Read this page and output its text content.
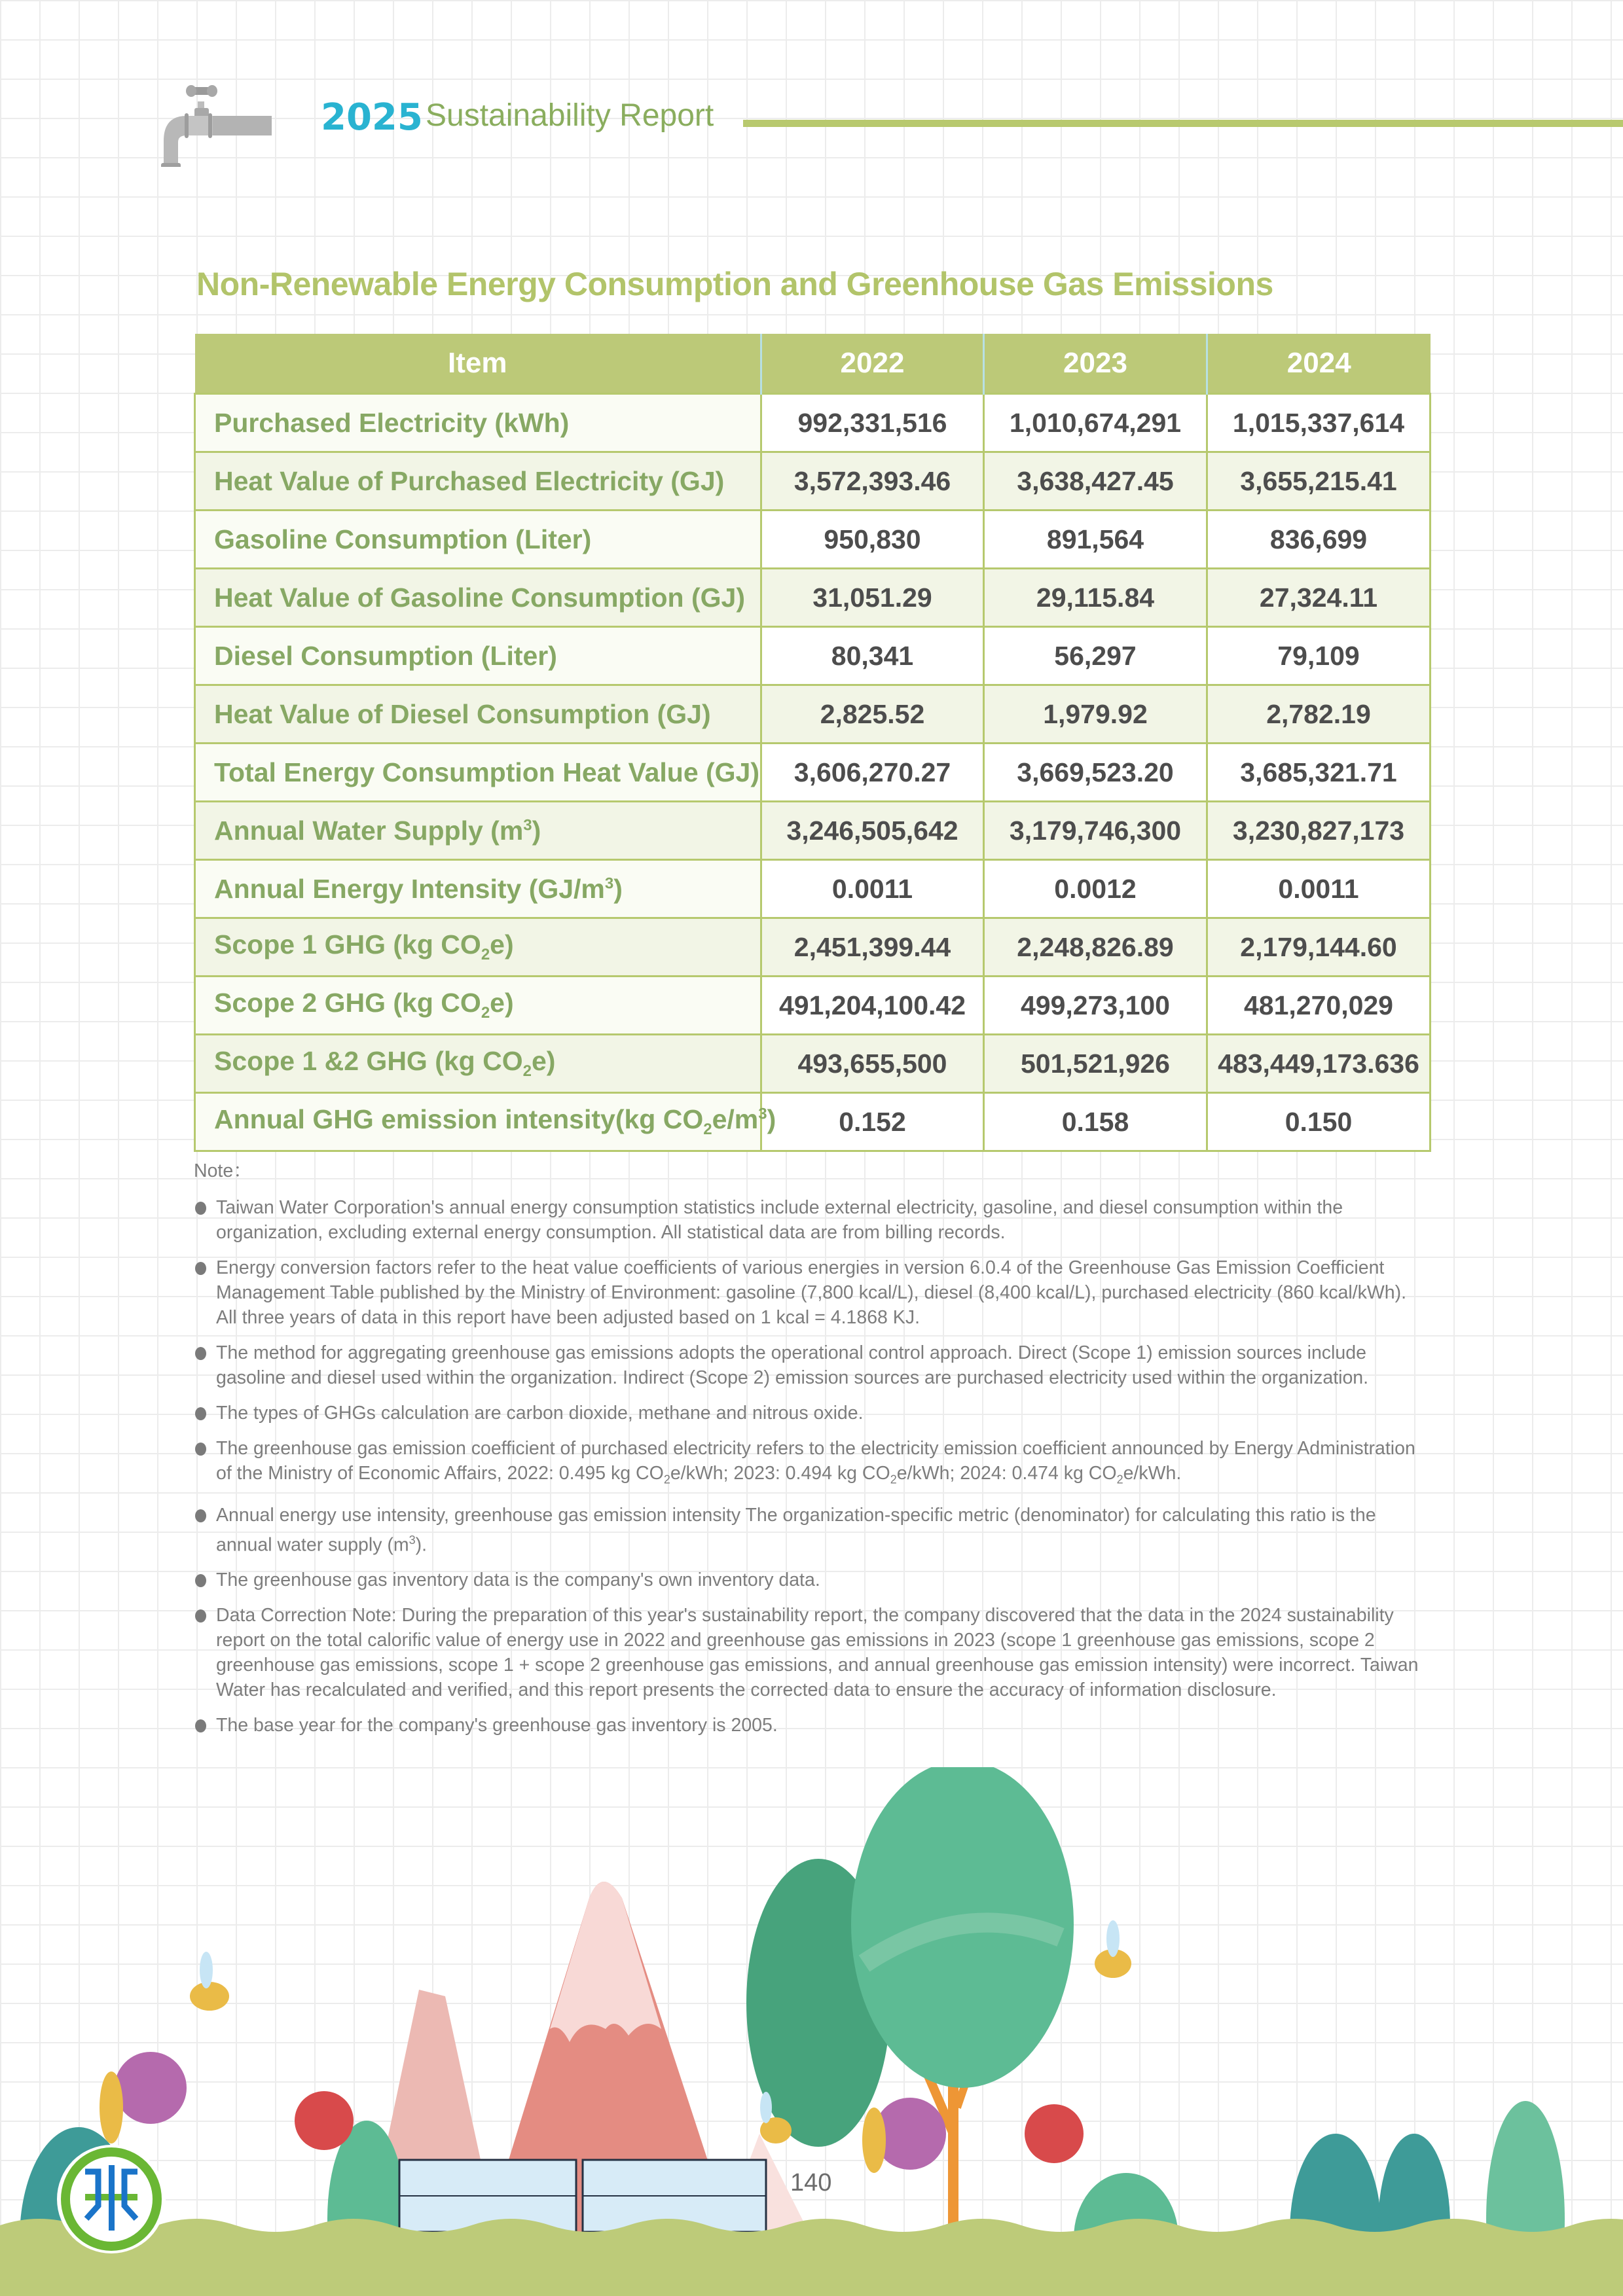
2025 Sustainability Report
Non-Renewable Energy Consumption and Greenhouse Gas Emissions
Item	2022	2023	2024
Purchased Electricity (kWh)	992,331,516	1,010,674,291	1,015,337,614
Heat Value of Purchased Electricity (GJ)	3,572,393.46	3,638,427.45	3,655,215.41
Gasoline Consumption (Liter)	950,830	891,564	836,699
Heat Value of Gasoline Consumption (GJ)	31,051.29	29,115.84	27,324.11
Diesel Consumption (Liter)	80,341	56,297	79,109
Heat Value of Diesel Consumption (GJ)	2,825.52	1,979.92	2,782.19
Total Energy Consumption Heat Value (GJ)	3,606,270.27	3,669,523.20	3,685,321.71
Annual Water Supply $(m^3)$	3,246,505,642	3,179,746,300	3,230,827,173
Annual Energy Intensity $(GJ/m^3)$	0.0011	0.0012	0.0011
Scope 1 GHG (kg $CO_2e$)	2,451,399.44	2,248,826.89	2,179,144.60
Scope 2 GHG (kg $CO_2e$)	491,204,100.42	499,273,100	481,270,029
Scope 1 &2 GHG (kg $CO_2e$)	493,655,500	501,521,926	483,449,173.636
Annual GHG emission intensity(kg $CO_2e/m^3$)	0.152	0.158	0.150
Note：
Taiwan Water Corporation's annual energy consumption statistics include external electricity, gasoline, and diesel consumption within the organization, excluding external energy consumption. All statistical data are from billing records.
Energy conversion factors refer to the heat value coefficients of various energies in version 6.0.4 of the Greenhouse Gas Emission Coefficient Management Table published by the Ministry of Environment: gasoline (7,800 kcal/L), diesel (8,400 kcal/L), purchased electricity (860 kcal/kWh). All three years of data in this report have been adjusted based on 1 kcal = 4.1868 KJ.
The method for aggregating greenhouse gas emissions adopts the operational control approach. Direct (Scope 1) emission sources include gasoline and diesel used within the organization. Indirect (Scope 2) emission sources are purchased electricity used within the organization.
The types of GHGs calculation are carbon dioxide, methane and nitrous oxide.
The greenhouse gas emission coefficient of purchased electricity refers to the electricity emission coefficient announced by Energy Administration of the Ministry of Economic Affairs, 2022: 0.495 kg $CO_2e$/kWh; 2023: 0.494 kg $CO_2e$/kWh; 2024: 0.474 kg $CO_2e$/kWh.
Annual energy use intensity, greenhouse gas emission intensity The organization-specific metric (denominator) for calculating this ratio is the annual water supply $(m^3)$.
The greenhouse gas inventory data is the company's own inventory data.
Data Correction Note: During the preparation of this year's sustainability report, the company discovered that the data in the 2024 sustainability report on the total calorific value of energy use in 2022 and greenhouse gas emissions in 2023 (scope 1 greenhouse gas emissions, scope 2 greenhouse gas emissions, scope 1 + scope 2 greenhouse gas emissions, and annual greenhouse gas emission intensity) were incorrect. Taiwan Water has recalculated and verified, and this report presents the corrected data to ensure the accuracy of information disclosure.
The base year for the company's greenhouse gas inventory is 2005.
140
